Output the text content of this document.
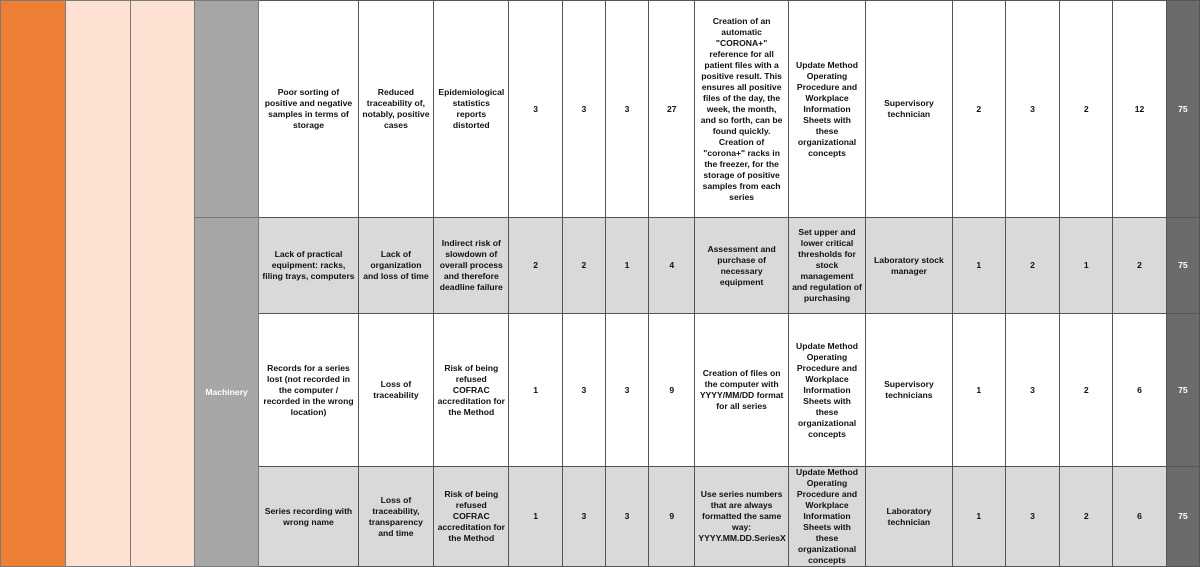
				Poor sorting of positive and negative samples in terms of storage	Reduced traceability of, notably, positive cases	Epidemiological statistics reports distorted	3	3	3	27	Creation of an automatic "CORONA+" reference for all patient files with a positive result. This ensures all positive files of the day, the week, the month, and so forth, can be found quickly. Creation of "corona+" racks in the freezer, for the storage of positive samples from each series	Update Method Operating Procedure and Workplace Information Sheets with these organizational concepts	Supervisory technician	2	3	2	12	75
			Machinery	Lack of practical equipment: racks, filing trays, computers	Lack of organization and loss of time	Indirect risk of slowdown of overall process and therefore deadline failure	2	2	1	4	Assessment and purchase of necessary equipment	Set upper and lower critical thresholds for stock management and regulation of purchasing	Laboratory stock manager	1	2	1	2	75
				Records for a series lost (not recorded in the computer / recorded in the wrong location)	Loss of traceability	Risk of being refused COFRAC accreditation for the Method	1	3	3	9	Creation of files on the computer with YYYY/MM/DD format for all series	Update Method Operating Procedure and Workplace Information Sheets with these organizational concepts	Supervisory technicians	1	3	2	6	75
				Series recording with wrong name	Loss of traceability, transparency and time	Risk of being refused COFRAC accreditation for the Method	1	3	3	9	Use series numbers that are always formatted the same way: YYYY.MM.DD.SeriesX	Update Method Operating Procedure and Workplace Information Sheets with these organizational concepts	Laboratory technician	1	3	2	6	75
